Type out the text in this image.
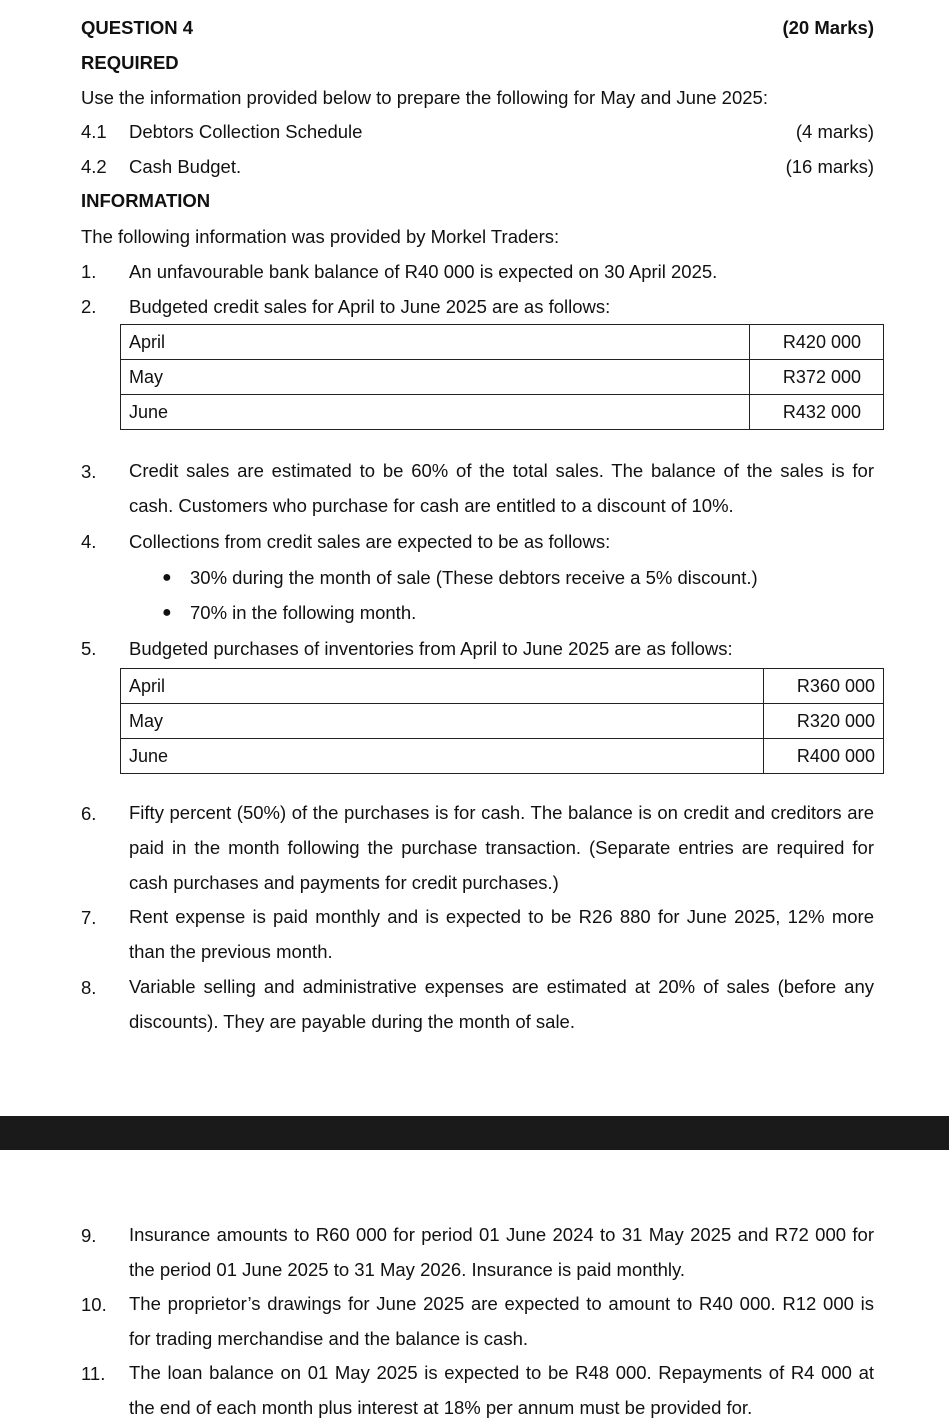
QUESTION 4	(20 Marks)
REQUIRED
Use the information provided below to prepare the following for May and June 2025:
4.1 Debtors Collection Schedule	(4 marks)
4.2 Cash Budget.	(16 marks)
INFORMATION
The following information was provided by Morkel Traders:
1. An unfavourable bank balance of R40 000 is expected on 30 April 2025.
2. Budgeted credit sales for April to June 2025 are as follows:
April	R420 000
May	R372 000
June	R432 000
3. Credit sales are estimated to be 60% of the total sales. The balance of the sales is for cash. Customers who purchase for cash are entitled to a discount of 10%.
4. Collections from credit sales are expected to be as follows:
● 30% during the month of sale (These debtors receive a 5% discount.)
● 70% in the following month.
5. Budgeted purchases of inventories from April to June 2025 are as follows:
April	R360 000
May	R320 000
June	R400 000
6. Fifty percent (50%) of the purchases is for cash. The balance is on credit and creditors are paid in the month following the purchase transaction. (Separate entries are required for cash purchases and payments for credit purchases.)
7. Rent expense is paid monthly and is expected to be R26 880 for June 2025, 12% more than the previous month.
8. Variable selling and administrative expenses are estimated at 20% of sales (before any discounts). They are payable during the month of sale.
9. Insurance amounts to R60 000 for period 01 June 2024 to 31 May 2025 and R72 000 for the period 01 June 2025 to 31 May 2026. Insurance is paid monthly.
10. The proprietor’s drawings for June 2025 are expected to amount to R40 000. R12 000 is for trading merchandise and the balance is cash.
11. The loan balance on 01 May 2025 is expected to be R48 000. Repayments of R4 000 at the end of each month plus interest at 18% per annum must be provided for.
